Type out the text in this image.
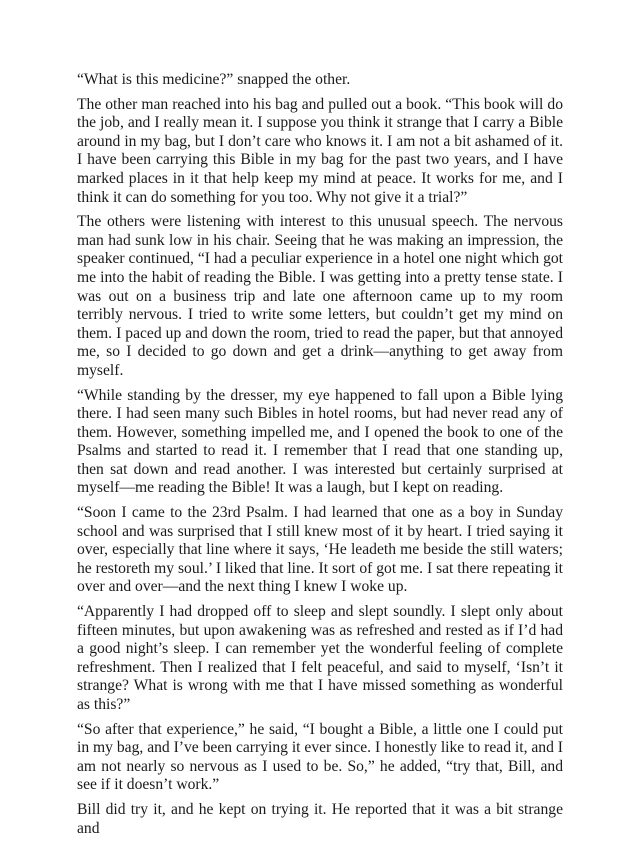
“What is this medicine?” snapped the other.

The other man reached into his bag and pulled out a book. “This book will do the job, and I really mean it. I suppose you think it strange that I carry a Bible around in my bag, but I don’t care who knows it. I am not a bit ashamed of it. I have been carrying this Bible in my bag for the past two years, and I have marked places in it that help keep my mind at peace. It works for me, and I think it can do something for you too. Why not give it a trial?”

The others were listening with interest to this unusual speech. The nervous man had sunk low in his chair. Seeing that he was making an impression, the speaker continued, “I had a peculiar experience in a hotel one night which got me into the habit of reading the Bible. I was getting into a pretty tense state. I was out on a business trip and late one afternoon came up to my room terribly nervous. I tried to write some letters, but couldn’t get my mind on them. I paced up and down the room, tried to read the paper, but that annoyed me, so I decided to go down and get a drink—anything to get away from myself.

“While standing by the dresser, my eye happened to fall upon a Bible lying there. I had seen many such Bibles in hotel rooms, but had never read any of them. However, something impelled me, and I opened the book to one of the Psalms and started to read it. I remember that I read that one standing up, then sat down and read another. I was interested but certainly surprised at myself—me reading the Bible! It was a laugh, but I kept on reading.

“Soon I came to the 23rd Psalm. I had learned that one as a boy in Sunday school and was surprised that I still knew most of it by heart. I tried saying it over, especially that line where it says, ‘He leadeth me beside the still waters; he restoreth my soul.’ I liked that line. It sort of got me. I sat there repeating it over and over—and the next thing I knew I woke up.

“Apparently I had dropped off to sleep and slept soundly. I slept only about fifteen minutes, but upon awakening was as refreshed and rested as if I’d had a good night’s sleep. I can remember yet the wonderful feeling of complete refreshment. Then I realized that I felt peaceful, and said to myself, ‘Isn’t it strange? What is wrong with me that I have missed something as wonderful as this?”

“So after that experience,” he said, “I bought a Bible, a little one I could put in my bag, and I’ve been carrying it ever since. I honestly like to read it, and I am not nearly so nervous as I used to be. So,” he added, “try that, Bill, and see if it doesn’t work.”

Bill did try it, and he kept on trying it. He reported that it was a bit strange and
